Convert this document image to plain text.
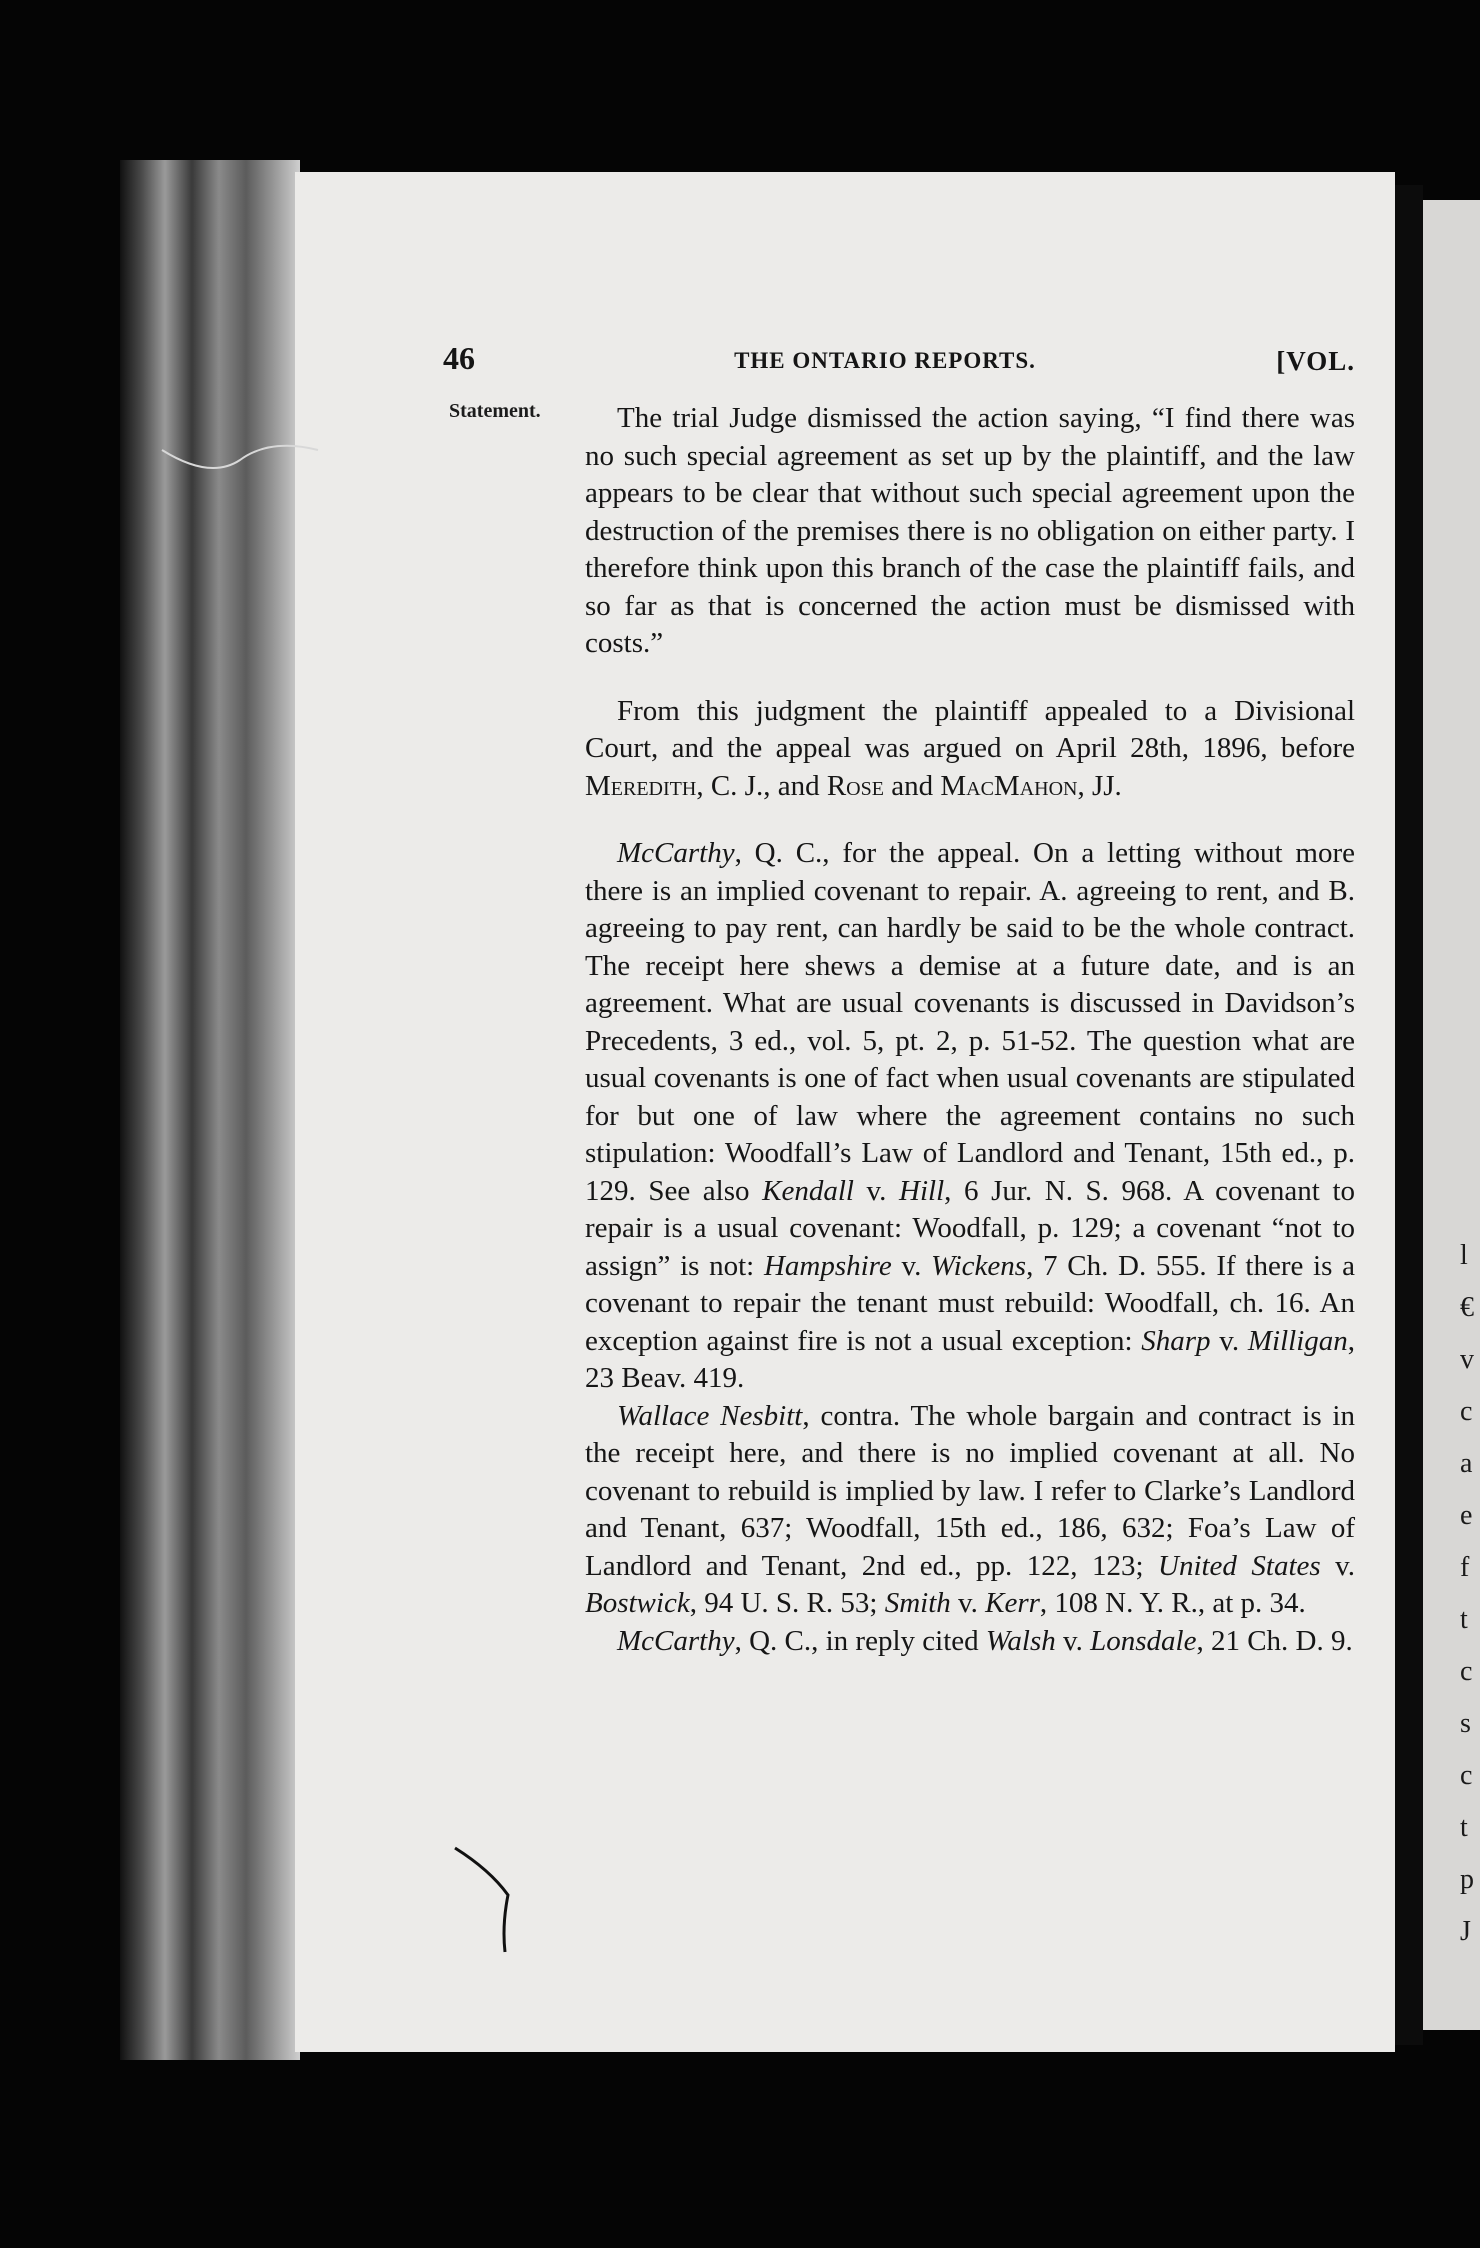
l
€
v
c
a
e
f
t
c
s
c
t
p
J
46	THE ONTARIO REPORTS.	[VOL.
Statement.	The trial Judge dismissed the action saying, “I find there was no such special agreement as set up by the plaintiff, and the law appears to be clear that without such special agreement upon the destruction of the premises there is no obligation on either party. I therefore think upon this branch of the case the plaintiff fails, and so far as that is concerned the action must be dismissed with costs.”

From this judgment the plaintiff appealed to a Divisional Court, and the appeal was argued on April 28th, 1896, before Meredith, C. J., and Rose and MacMahon, JJ.

McCarthy, Q. C., for the appeal. On a letting without more there is an implied covenant to repair. A. agreeing to rent, and B. agreeing to pay rent, can hardly be said to be the whole contract. The receipt here shews a demise at a future date, and is an agreement. What are usual covenants is discussed in Davidson’s Precedents, 3 ed., vol. 5, pt. 2, p. 51-52. The question what are usual covenants is one of fact when usual covenants are stipulated for but one of law where the agreement contains no such stipulation: Woodfall’s Law of Landlord and Tenant, 15th ed., p. 129. See also Kendall v. Hill, 6 Jur. N. S. 968. A covenant to repair is a usual covenant: Woodfall, p. 129; a covenant “not to assign” is not: Hampshire v. Wickens, 7 Ch. D. 555. If there is a covenant to repair the tenant must rebuild: Woodfall, ch. 16. An exception against fire is not a usual exception: Sharp v. Milligan, 23 Beav. 419.

Wallace Nesbitt, contra. The whole bargain and contract is in the receipt here, and there is no implied covenant at all. No covenant to rebuild is implied by law. I refer to Clarke’s Landlord and Tenant, 637; Woodfall, 15th ed., 186, 632; Foa’s Law of Landlord and Tenant, 2nd ed., pp. 122, 123; United States v. Bostwick, 94 U. S. R. 53; Smith v. Kerr, 108 N. Y. R., at p. 34.

McCarthy, Q. C., in reply cited Walsh v. Lonsdale, 21 Ch. D. 9.
